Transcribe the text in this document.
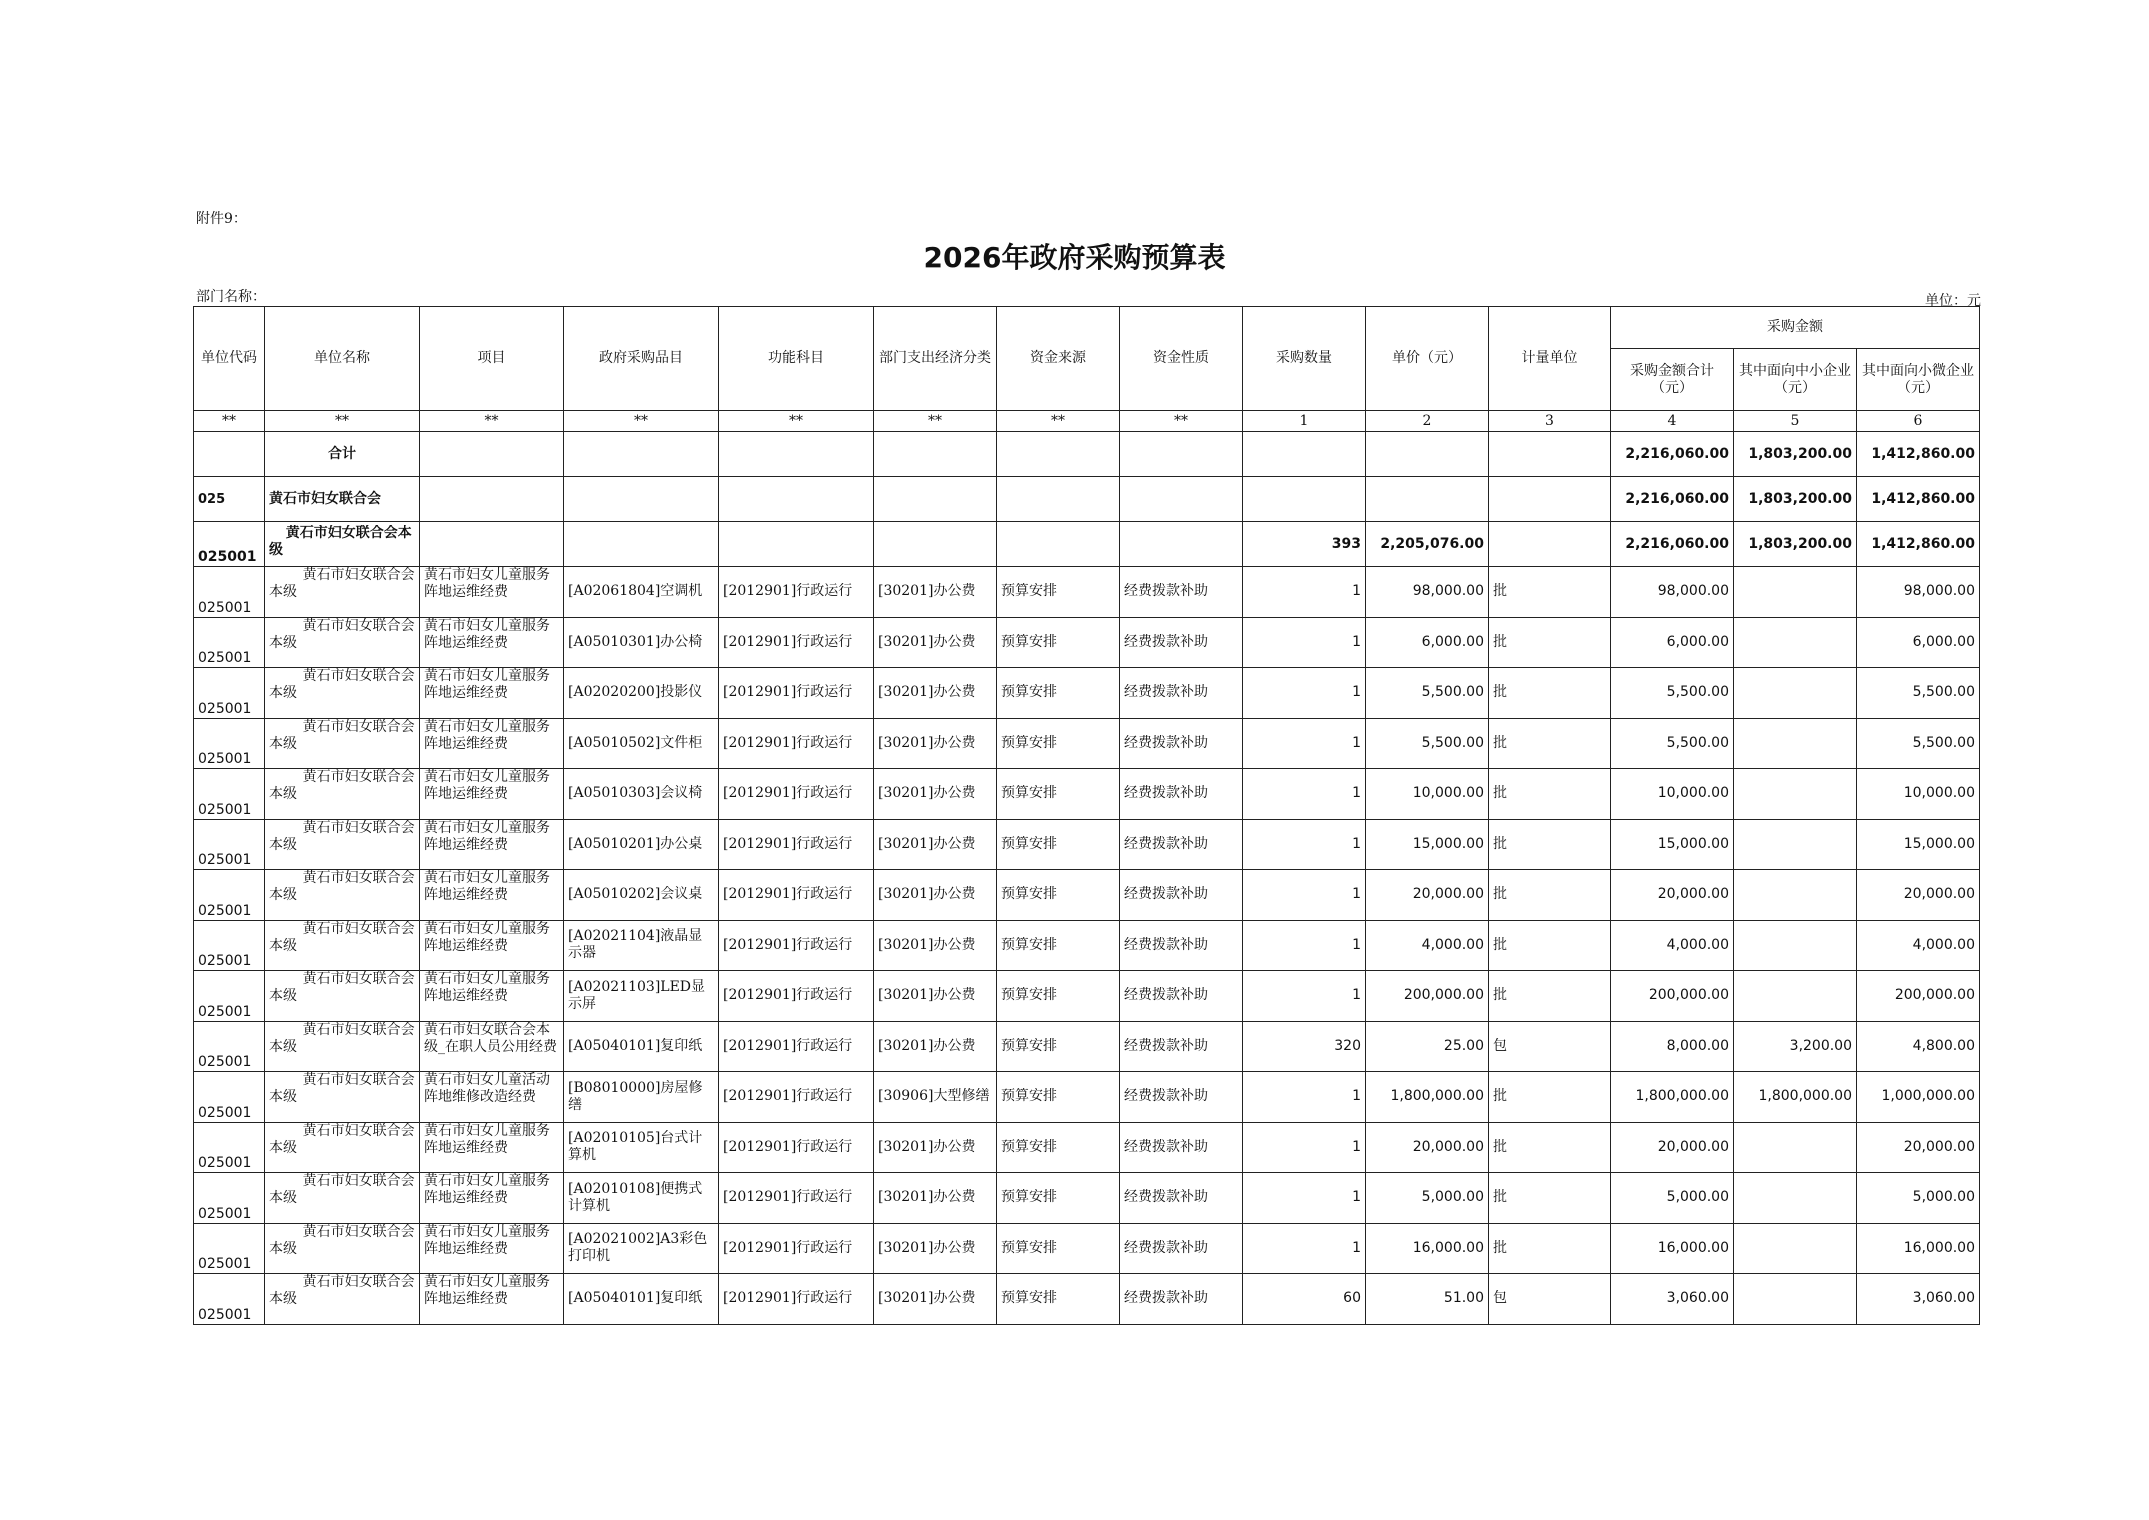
附件9：
2026年政府采购预算表
部门名称：	单位：元
单位代码	单位名称	项目	政府采购品目	功能科目	部门支出经济分类	资金来源	资金性质	采购数量	单价（元）	计量单位	采购金额		
											采购金额合计（元）	其中面向中小企业（元）	其中面向小微企业（元）
**	**	**	**	**	**	**	**	1	2	3	4	5	6
	合计										2,216,060.00	1,803,200.00	1,412,860.00
025	黄石市妇女联合会										2,216,060.00	1,803,200.00	1,412,860.00
025001	黄石市妇女联合会本级							393	2,205,076.00		2,216,060.00	1,803,200.00	1,412,860.00

025001	黄石市妇女联合会本级	黄石市妇女儿童服务阵地运维经费	[A02061804]空调机	[2012901]行政运行	[30201]办公费	预算安排	经费拨款补助	1	98,000.00	批	98,000.00		98,000.00

025001	黄石市妇女联合会本级	黄石市妇女儿童服务阵地运维经费	[A05010301]办公椅	[2012901]行政运行	[30201]办公费	预算安排	经费拨款补助	1	6,000.00	批	6,000.00		6,000.00

025001	黄石市妇女联合会本级	黄石市妇女儿童服务阵地运维经费	[A02020200]投影仪	[2012901]行政运行	[30201]办公费	预算安排	经费拨款补助	1	5,500.00	批	5,500.00		5,500.00

025001	黄石市妇女联合会本级	黄石市妇女儿童服务阵地运维经费	[A05010502]文件柜	[2012901]行政运行	[30201]办公费	预算安排	经费拨款补助	1	5,500.00	批	5,500.00		5,500.00

025001	黄石市妇女联合会本级	黄石市妇女儿童服务阵地运维经费	[A05010303]会议椅	[2012901]行政运行	[30201]办公费	预算安排	经费拨款补助	1	10,000.00	批	10,000.00		10,000.00

025001	黄石市妇女联合会本级	黄石市妇女儿童服务阵地运维经费	[A05010201]办公桌	[2012901]行政运行	[30201]办公费	预算安排	经费拨款补助	1	15,000.00	批	15,000.00		15,000.00

025001	黄石市妇女联合会本级	黄石市妇女儿童服务阵地运维经费	[A05010202]会议桌	[2012901]行政运行	[30201]办公费	预算安排	经费拨款补助	1	20,000.00	批	20,000.00		20,000.00

025001	黄石市妇女联合会本级	黄石市妇女儿童服务阵地运维经费	[A02021104]液晶显示器	[2012901]行政运行	[30201]办公费	预算安排	经费拨款补助	1	4,000.00	批	4,000.00		4,000.00

025001	黄石市妇女联合会本级	黄石市妇女儿童服务阵地运维经费	[A02021103]LED显示屏	[2012901]行政运行	[30201]办公费	预算安排	经费拨款补助	1	200,000.00	批	200,000.00		200,000.00

025001	黄石市妇女联合会本级	黄石市妇女联合会本级_在职人员公用经费	[A05040101]复印纸	[2012901]行政运行	[30201]办公费	预算安排	经费拨款补助	320	25.00	包	8,000.00	3,200.00	4,800.00

025001	黄石市妇女联合会本级	黄石市妇女儿童活动阵地维修改造经费	[B08010000]房屋修缮	[2012901]行政运行	[30906]大型修缮	预算安排	经费拨款补助	1	1,800,000.00	批	1,800,000.00	1,800,000.00	1,000,000.00

025001	黄石市妇女联合会本级	黄石市妇女儿童服务阵地运维经费	[A02010105]台式计算机	[2012901]行政运行	[30201]办公费	预算安排	经费拨款补助	1	20,000.00	批	20,000.00		20,000.00

025001	黄石市妇女联合会本级	黄石市妇女儿童服务阵地运维经费	[A02010108]便携式计算机	[2012901]行政运行	[30201]办公费	预算安排	经费拨款补助	1	5,000.00	批	5,000.00		5,000.00

025001	黄石市妇女联合会本级	黄石市妇女儿童服务阵地运维经费	[A02021002]A3彩色打印机	[2012901]行政运行	[30201]办公费	预算安排	经费拨款补助	1	16,000.00	批	16,000.00		16,000.00

025001	黄石市妇女联合会本级	黄石市妇女儿童服务阵地运维经费	[A05040101]复印纸	[2012901]行政运行	[30201]办公费	预算安排	经费拨款补助	60	51.00	包	3,060.00		3,060.00
